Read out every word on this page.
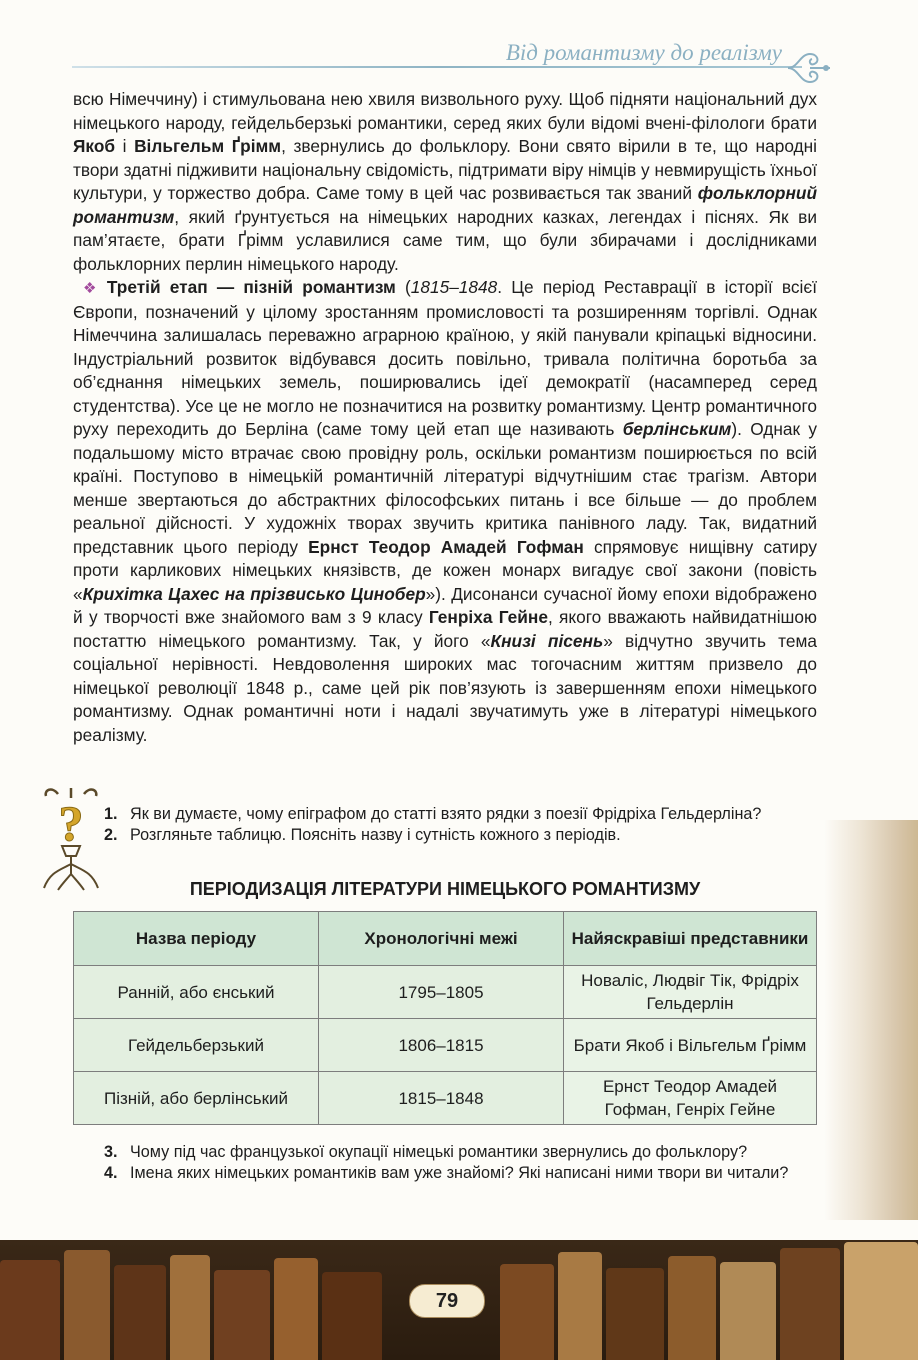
Від романтизму до реалізму
79

всю Німеччину) і стимульована нею хвиля визвольного руху. Щоб підняти національний дух німецького народу, гейдельберзькі романтики, серед яких були відомі вчені-філологи брати Якоб і Вільгельм Ґрімм, звернулись до фольклору. Вони свято вірили в те, що народні твори здатні підживити національну свідомість, підтримати віру німців у невмирущість їхньої культури, у торжество добра. Саме тому в цей час розвивається так званий фольклорний романтизм, який ґрунтується на німецьких народних казках, легендах і піснях. Як ви пам’ятаєте, брати Ґрімм уславилися саме тим, що були збирачами і дослідниками фольклорних перлин німецького народу.

❖ Третій етап — пізній романтизм (1815–1848. Це період Реставрації в історії всієї Європи, позначений у цілому зростанням промисловості та розширенням торгівлі. Однак Німеччина залишалась переважно аграрною країною, у якій панували кріпацькі відносини. Індустріальний розвиток відбувався досить повільно, тривала політична боротьба за об’єднання німецьких земель, поширювались ідеї демократії (насамперед серед студентства). Усе це не могло не позначитися на розвитку романтизму. Центр романтичного руху переходить до Берліна (саме тому цей етап ще називають берлінським). Однак у подальшому місто втрачає свою провідну роль, оскільки романтизм поширюється по всій країні. Поступово в німецькій романтичній літературі відчутнішим стає трагізм. Автори менше звертаються до абстрактних філософських питань і все більше — до проблем реальної дійсності. У художніх творах звучить критика панівного ладу. Так, видатний представник цього періоду Ернст Теодор Амадей Гофман спрямовує нищівну сатиру проти карликових німецьких князівств, де кожен монарх вигадує свої закони (повість «Крихітка Цахес на прізвисько Цинобер»). Дисонанси сучасної йому епохи відображено й у творчості вже знайомого вам з 9 класу Генріха Гейне, якого вважають найвидатнішою постаттю німецького романтизму. Так, у його «Книзі пісень» відчутно звучить тема соціальної нерівності. Невдоволення широких мас тогочасним життям призвело до німецької революції 1848 р., саме цей рік пов’язують із завершенням епохи німецького романтизму. Однак романтичні ноти і надалі звучатимуть уже в літературі німецького реалізму.

? 1. Як ви думаєте, чому епіграфом до статті взято рядки з поезії Фрідріха Гельдерліна?
2. Розгляньте таблицю. Поясніть назву і сутність кожного з періодів.
ПЕРІОДИЗАЦІЯ ЛІТЕРАТУРИ НІМЕЦЬКОГО РОМАНТИЗМУ
Назва періоду	Хронологічні межі	Найяскравіші представники
Ранній, або єнський	1795–1805	Новаліс, Людвіг Тік, Фрідріх Гельдерлін
Гейдельберзький	1806–1815	Брати Якоб і Вільгельм Ґрімм
Пізній, або берлінський	1815–1848	Ернст Теодор Амадей Гофман, Генріх Гейне
3. Чому під час французької окупації німецькі романтики звернулись до фольклору?
4. Імена яких німецьких романтиків вам уже знайомі? Які написані ними твори ви читали?
